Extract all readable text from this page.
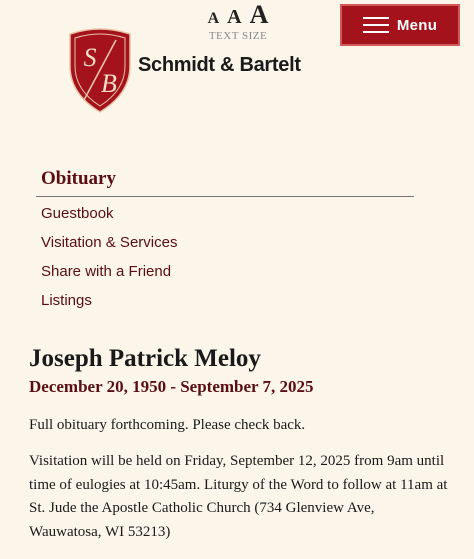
A A A
TEXT SIZE
Menu
S
B
Schmidt & Bartelt
Obituary
Guestbook
Visitation & Services
Share with a Friend
Listings
Joseph Patrick Meloy
December 20, 1950 - September 7, 2025

Full obituary forthcoming. Please check back.

Visitation will be held on Friday, September 12, 2025 from 9am until time of eulogies at 10:45am. Liturgy of the Word to follow at 11am at St. Jude the Apostle Catholic Church (734 Glenview Ave, Wauwatosa, WI 53213)
